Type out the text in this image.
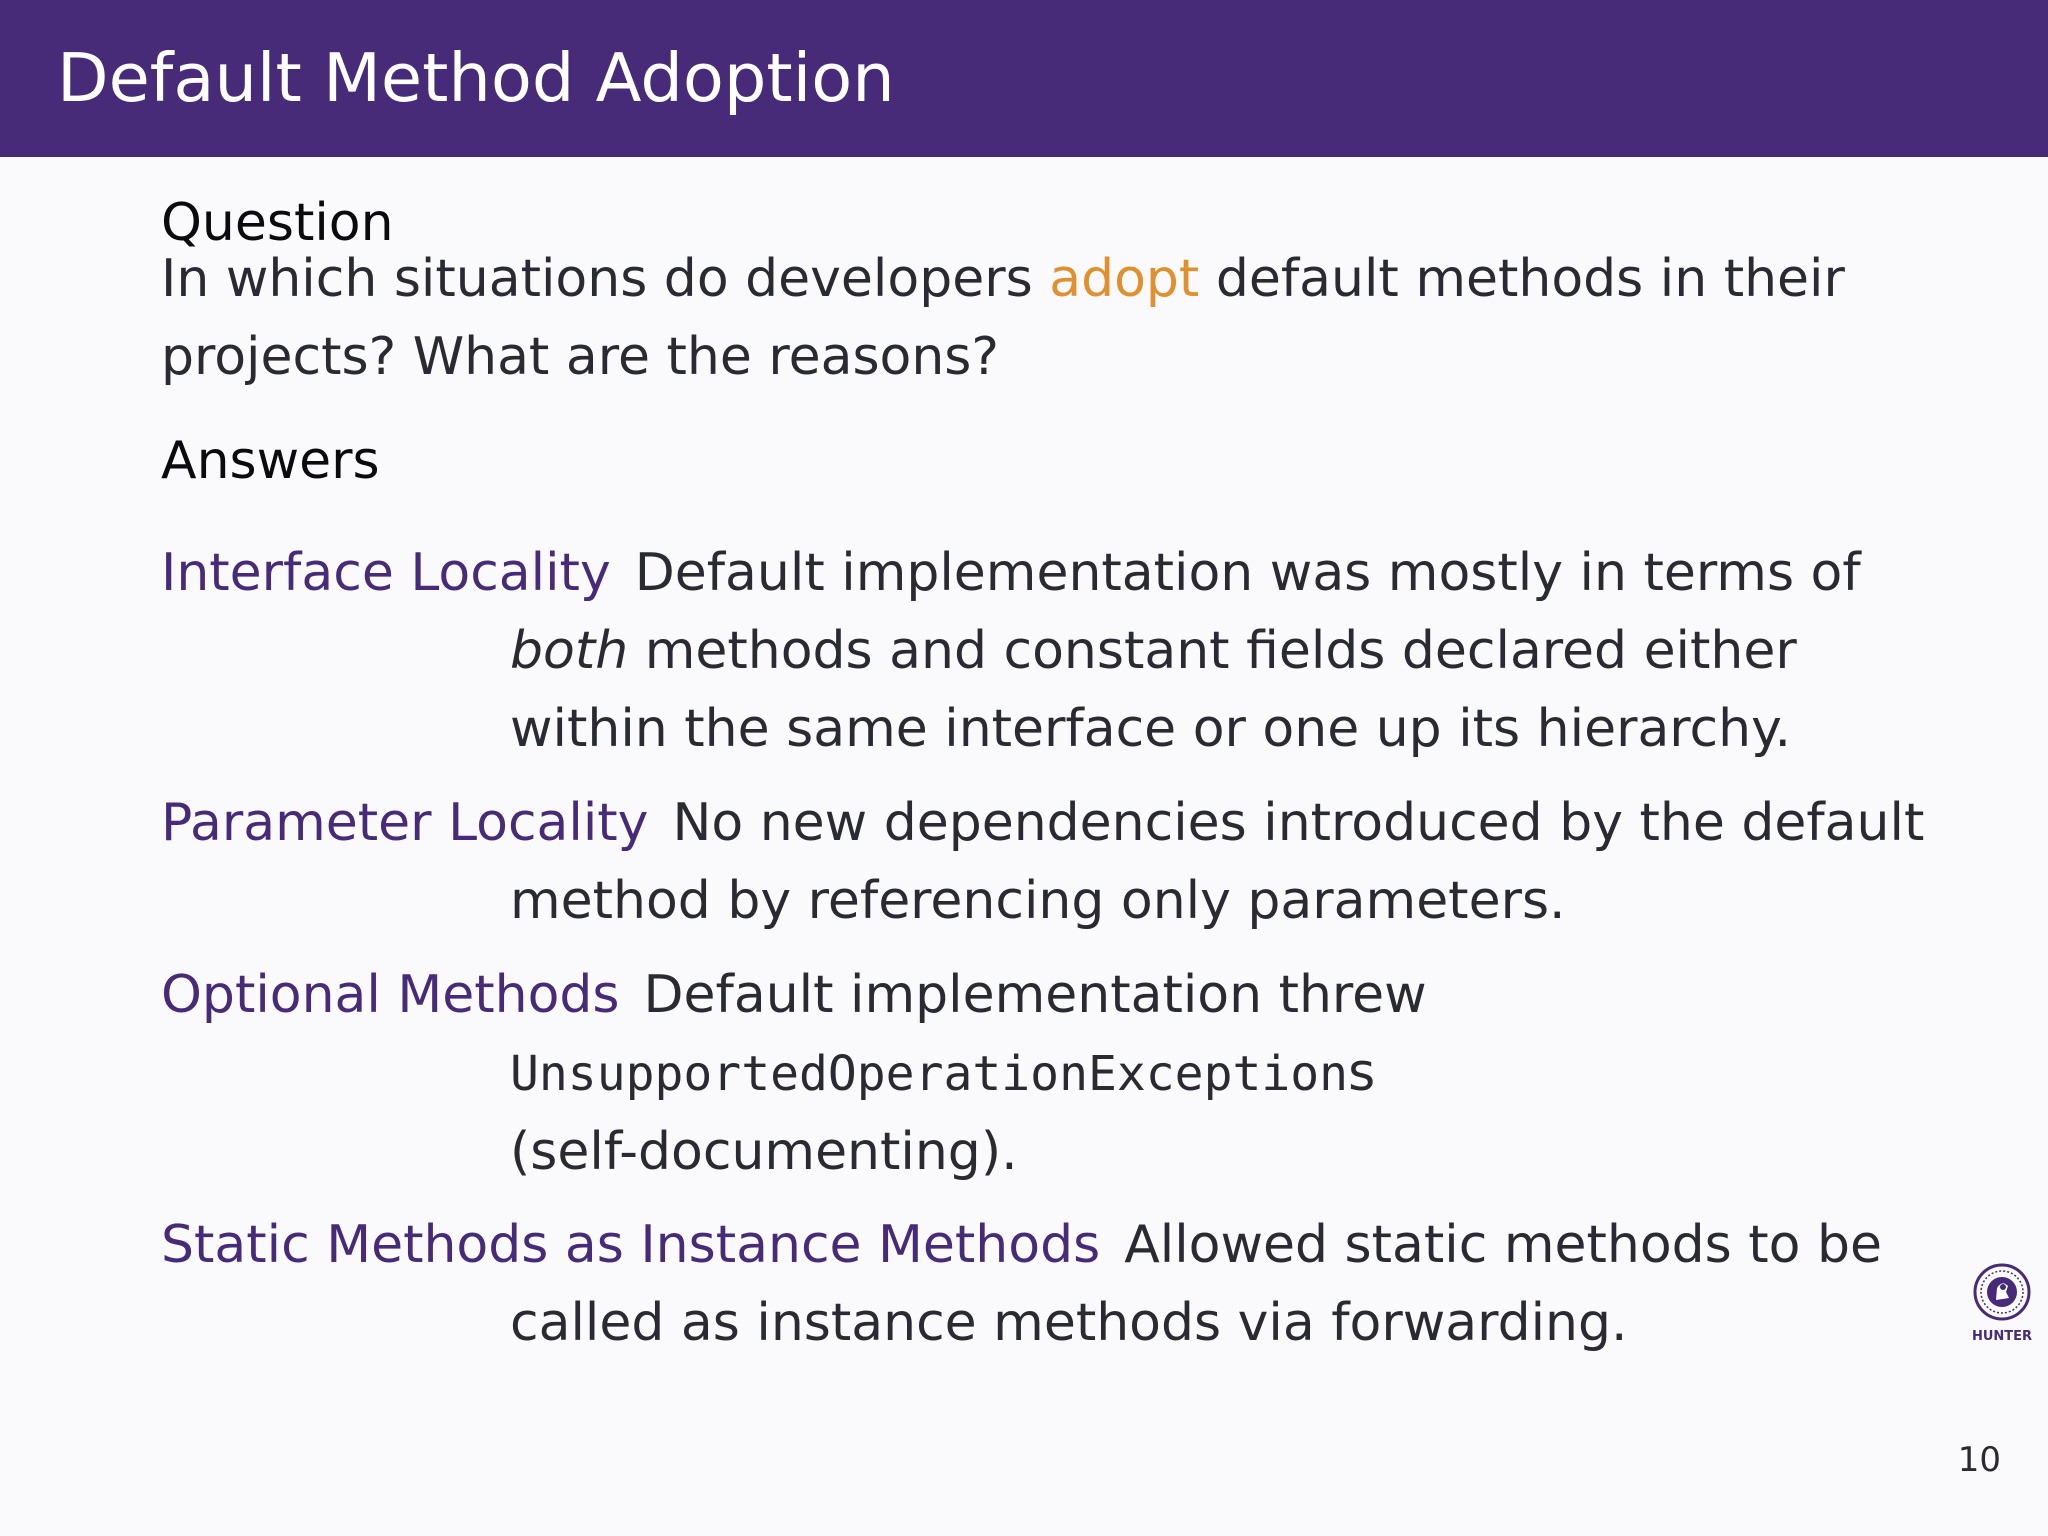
Default Method Adoption
Question
In which situations do developers adopt default methods in their
projects? What are the reasons?
Answers
Interface Locality Default implementation was mostly in terms of
both methods and constant fields declared either
within the same interface or one up its hierarchy.
Parameter Locality No new dependencies introduced by the default
method by referencing only parameters.
Optional Methods Default implementation threw
UnsupportedOperationExceptions
(self-documenting).
Static Methods as Instance Methods Allowed static methods to be
called as instance methods via forwarding.	HUNTER
10
